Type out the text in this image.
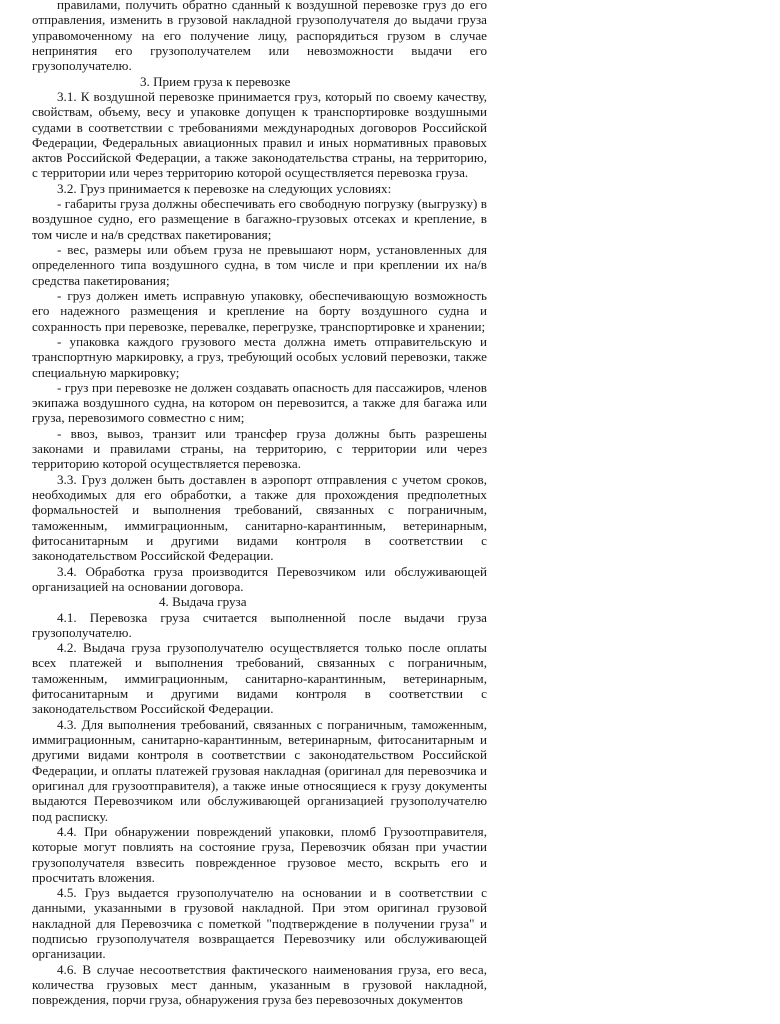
правилами, получить обратно сданный к воздушной перевозке груз до его отправления, изменить в грузовой накладной грузополучателя до выдачи груза управомоченному на его получение лицу, распорядиться грузом в случае непринятия его грузополучателем или невозможности выдачи его грузополучателю.

3. Прием груза к перевозке

3.1. К воздушной перевозке принимается груз, который по своему качеству, свойствам, объему, весу и упаковке допущен к транспортировке воздушными судами в соответствии с требованиями международных договоров Российской Федерации, Федеральных авиационных правил и иных нормативных правовых актов Российской Федерации, а также законодательства страны, на территорию, с территории или через территорию которой осуществляется перевозка груза.

3.2. Груз принимается к перевозке на следующих условиях:

- габариты груза должны обеспечивать его свободную погрузку (выгрузку) в воздушное судно, его размещение в багажно-грузовых отсеках и крепление, в том числе и на/в средствах пакетирования;

- вес, размеры или объем груза не превышают норм, установленных для определенного типа воздушного судна, в том числе и при креплении их на/в средства пакетирования;

- груз должен иметь исправную упаковку, обеспечивающую возможность его надежного размещения и крепление на борту воздушного судна и сохранность при перевозке, перевалке, перегрузке, транспортировке и хранении;

- упаковка каждого грузового места должна иметь отправительскую и транспортную маркировку, а груз, требующий особых условий перевозки, также специальную маркировку;

- груз при перевозке не должен создавать опасность для пассажиров, членов экипажа воздушного судна, на котором он перевозится, а также для багажа или груза, перевозимого совместно с ним;

- ввоз, вывоз, транзит или трансфер груза должны быть разрешены законами и правилами страны, на территорию, с территории или через территорию которой осуществляется перевозка.

3.3. Груз должен быть доставлен в аэропорт отправления с учетом сроков, необходимых для его обработки, а также для прохождения предполетных формальностей и выполнения требований, связанных с пограничным, таможенным, иммиграционным, санитарно-карантинным, ветеринарным, фитосанитарным и другими видами контроля в соответствии с законодательством Российской Федерации.

3.4. Обработка груза производится Перевозчиком или обслуживающей организацией на основании договора.

4. Выдача груза

4.1. Перевозка груза считается выполненной после выдачи груза грузополучателю.

4.2. Выдача груза грузополучателю осуществляется только после оплаты всех платежей и выполнения требований, связанных с пограничным, таможенным, иммиграционным, санитарно-карантинным, ветеринарным, фитосанитарным и другими видами контроля в соответствии с законодательством Российской Федерации.

4.3. Для выполнения требований, связанных с пограничным, таможенным, иммиграционным, санитарно-карантинным, ветеринарным, фитосанитарным и другими видами контроля в соответствии с законодательством Российской Федерации, и оплаты платежей грузовая накладная (оригинал для перевозчика и оригинал для грузоотправителя), а также иные относящиеся к грузу документы выдаются Перевозчиком или обслуживающей организацией грузополучателю под расписку.

4.4. При обнаружении повреждений упаковки, пломб Грузоотправителя, которые могут повлиять на состояние груза, Перевозчик обязан при участии грузополучателя взвесить поврежденное грузовое место, вскрыть его и просчитать вложения.

4.5. Груз выдается грузополучателю на основании и в соответствии с данными, указанными в грузовой накладной. При этом оригинал грузовой накладной для Перевозчика с пометкой "подтверждение в получении груза" и подписью грузополучателя возвращается Перевозчику или обслуживающей организации.

4.6. В случае несоответствия фактического наименования груза, его веса, количества грузовых мест данным, указанным в грузовой накладной, повреждения, порчи груза, обнаружения груза без перевозочных документов
